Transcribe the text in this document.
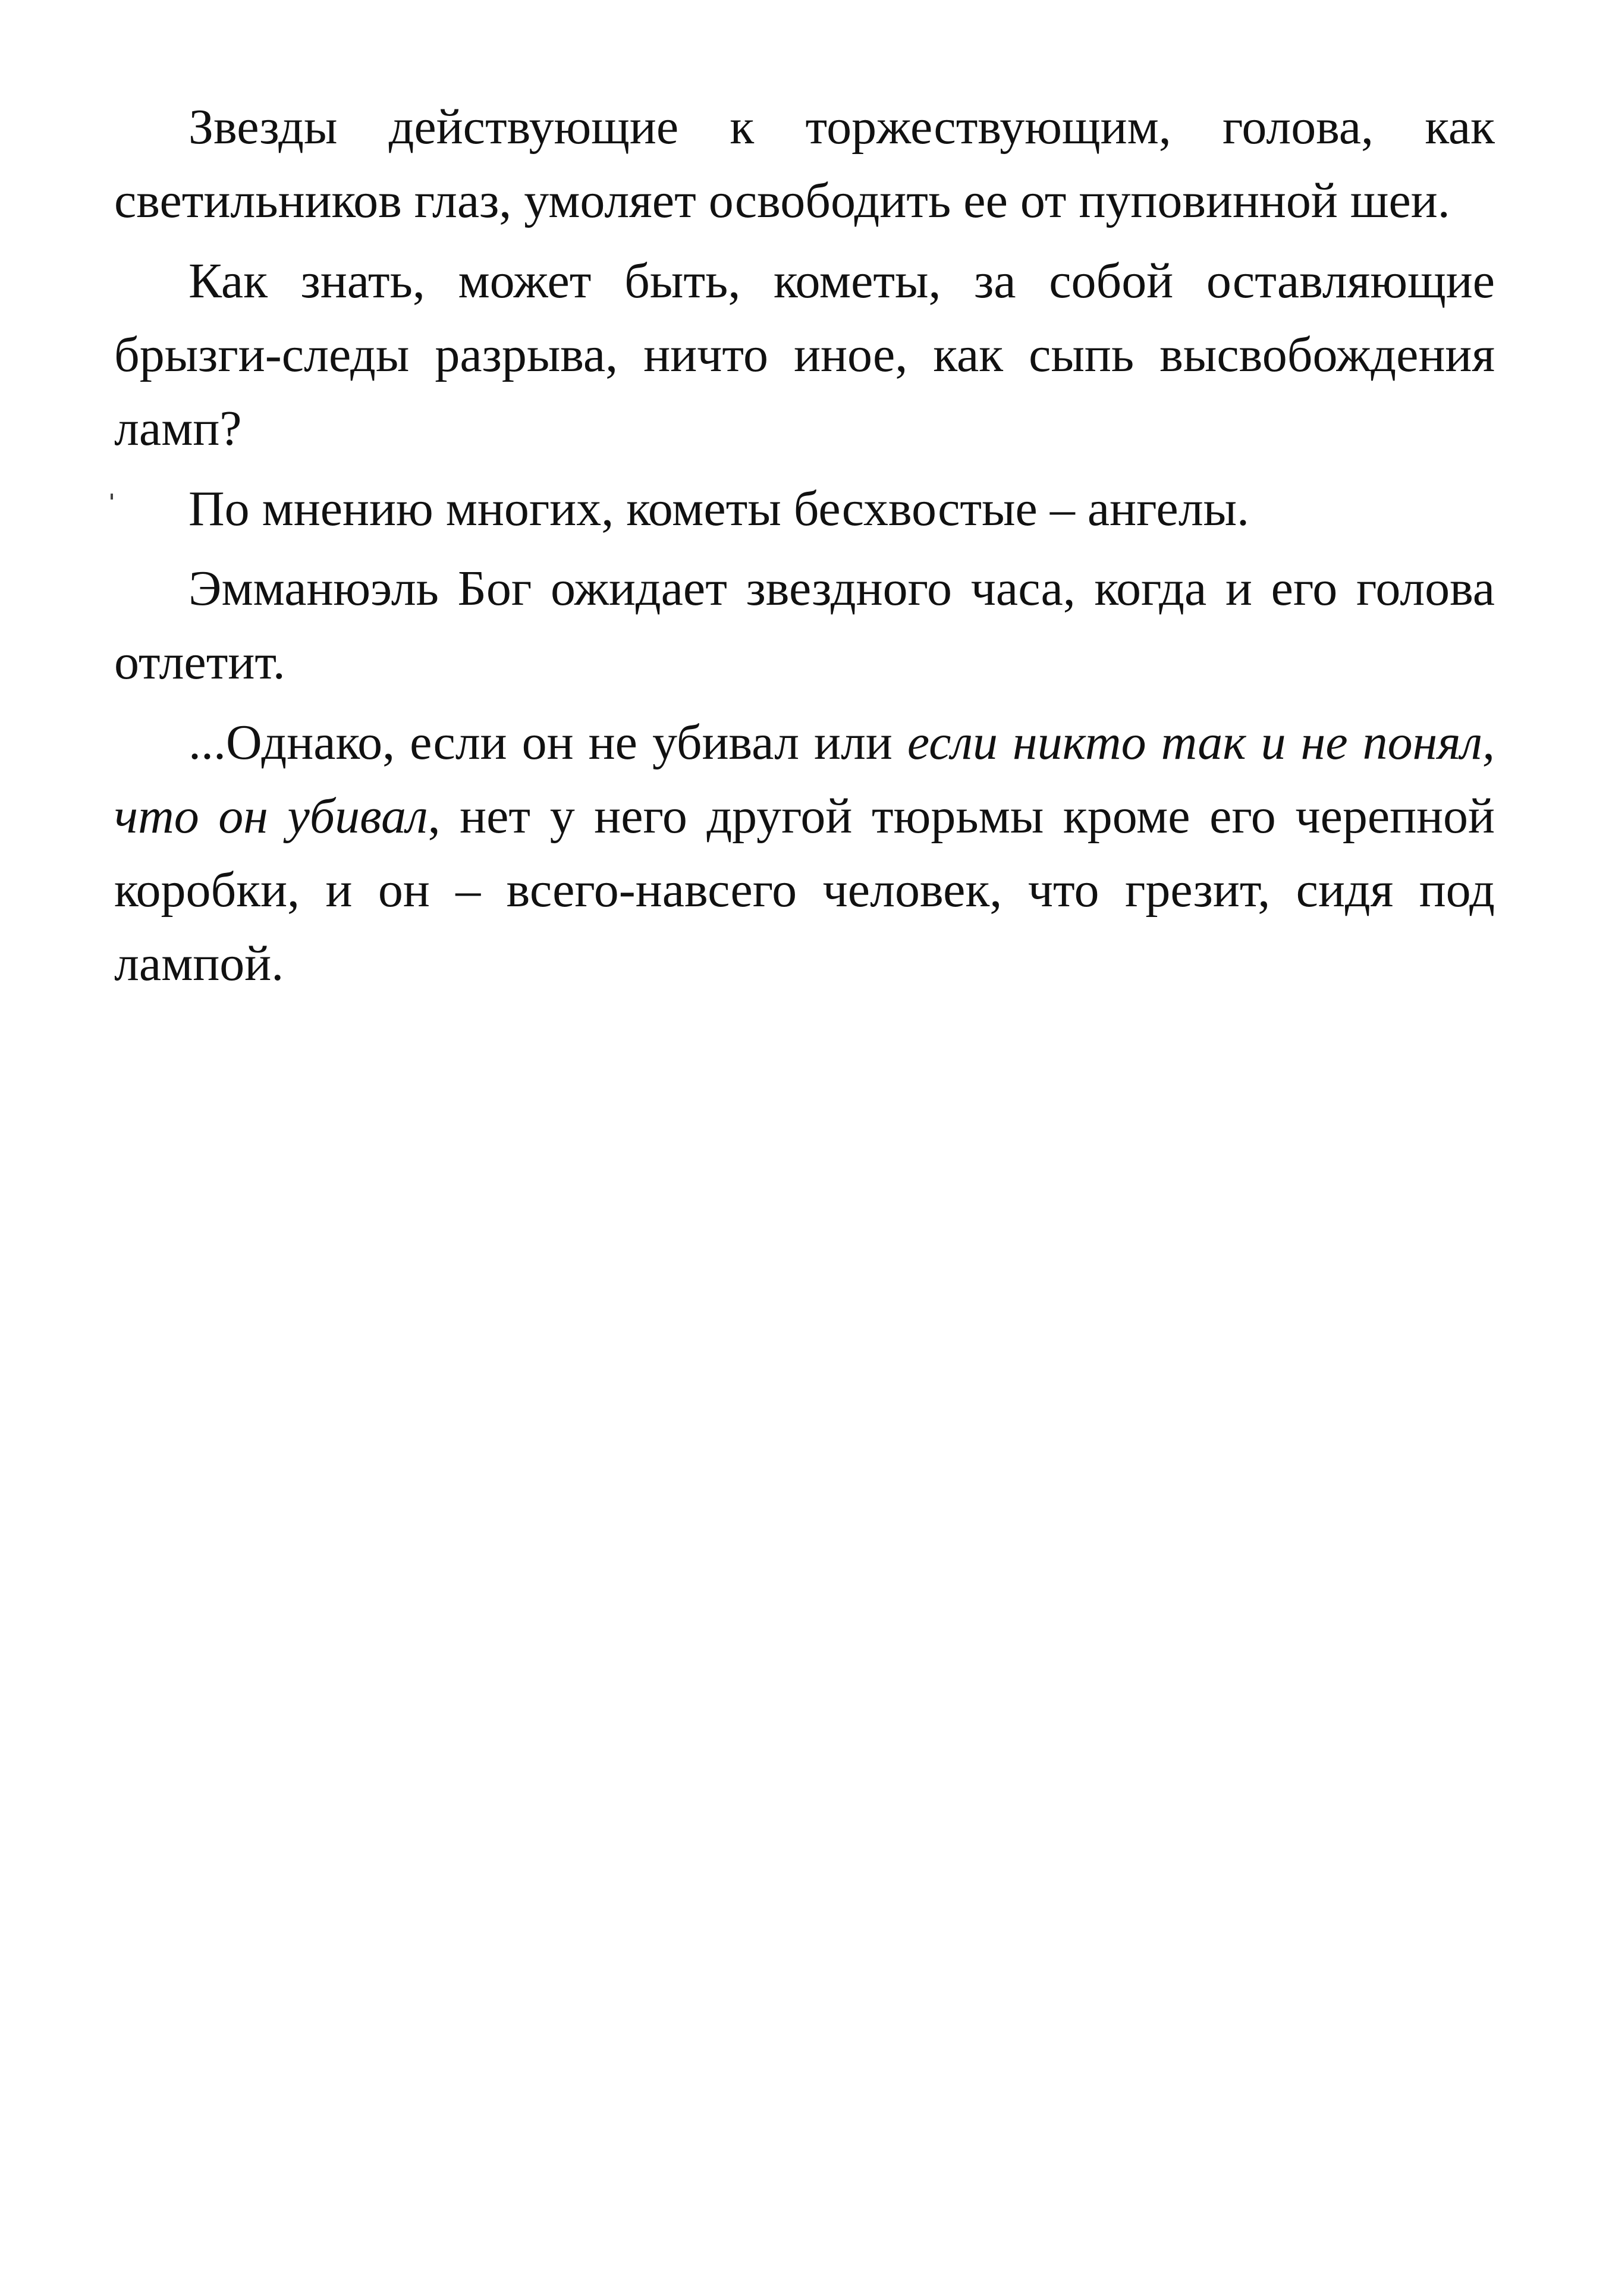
Звезды действующие к торжествующим, голова, как светильников глаз, умоляет освободить ее от пуповинной шеи.

Как знать, может быть, кометы, за собой оставляющие брызги-следы разрыва, ничто иное, как сыпь высвобождения ламп?

По мнению многих, кометы бесхвостые – ангелы.

Эмманюэль Бог ожидает звездного часа, когда и его голова отлетит.

...Однако, если он не убивал или если никто так и не понял, что он убивал, нет у него другой тюрьмы кроме его черепной коробки, и он – всего-навсего человек, что грезит, сидя под лампой.
